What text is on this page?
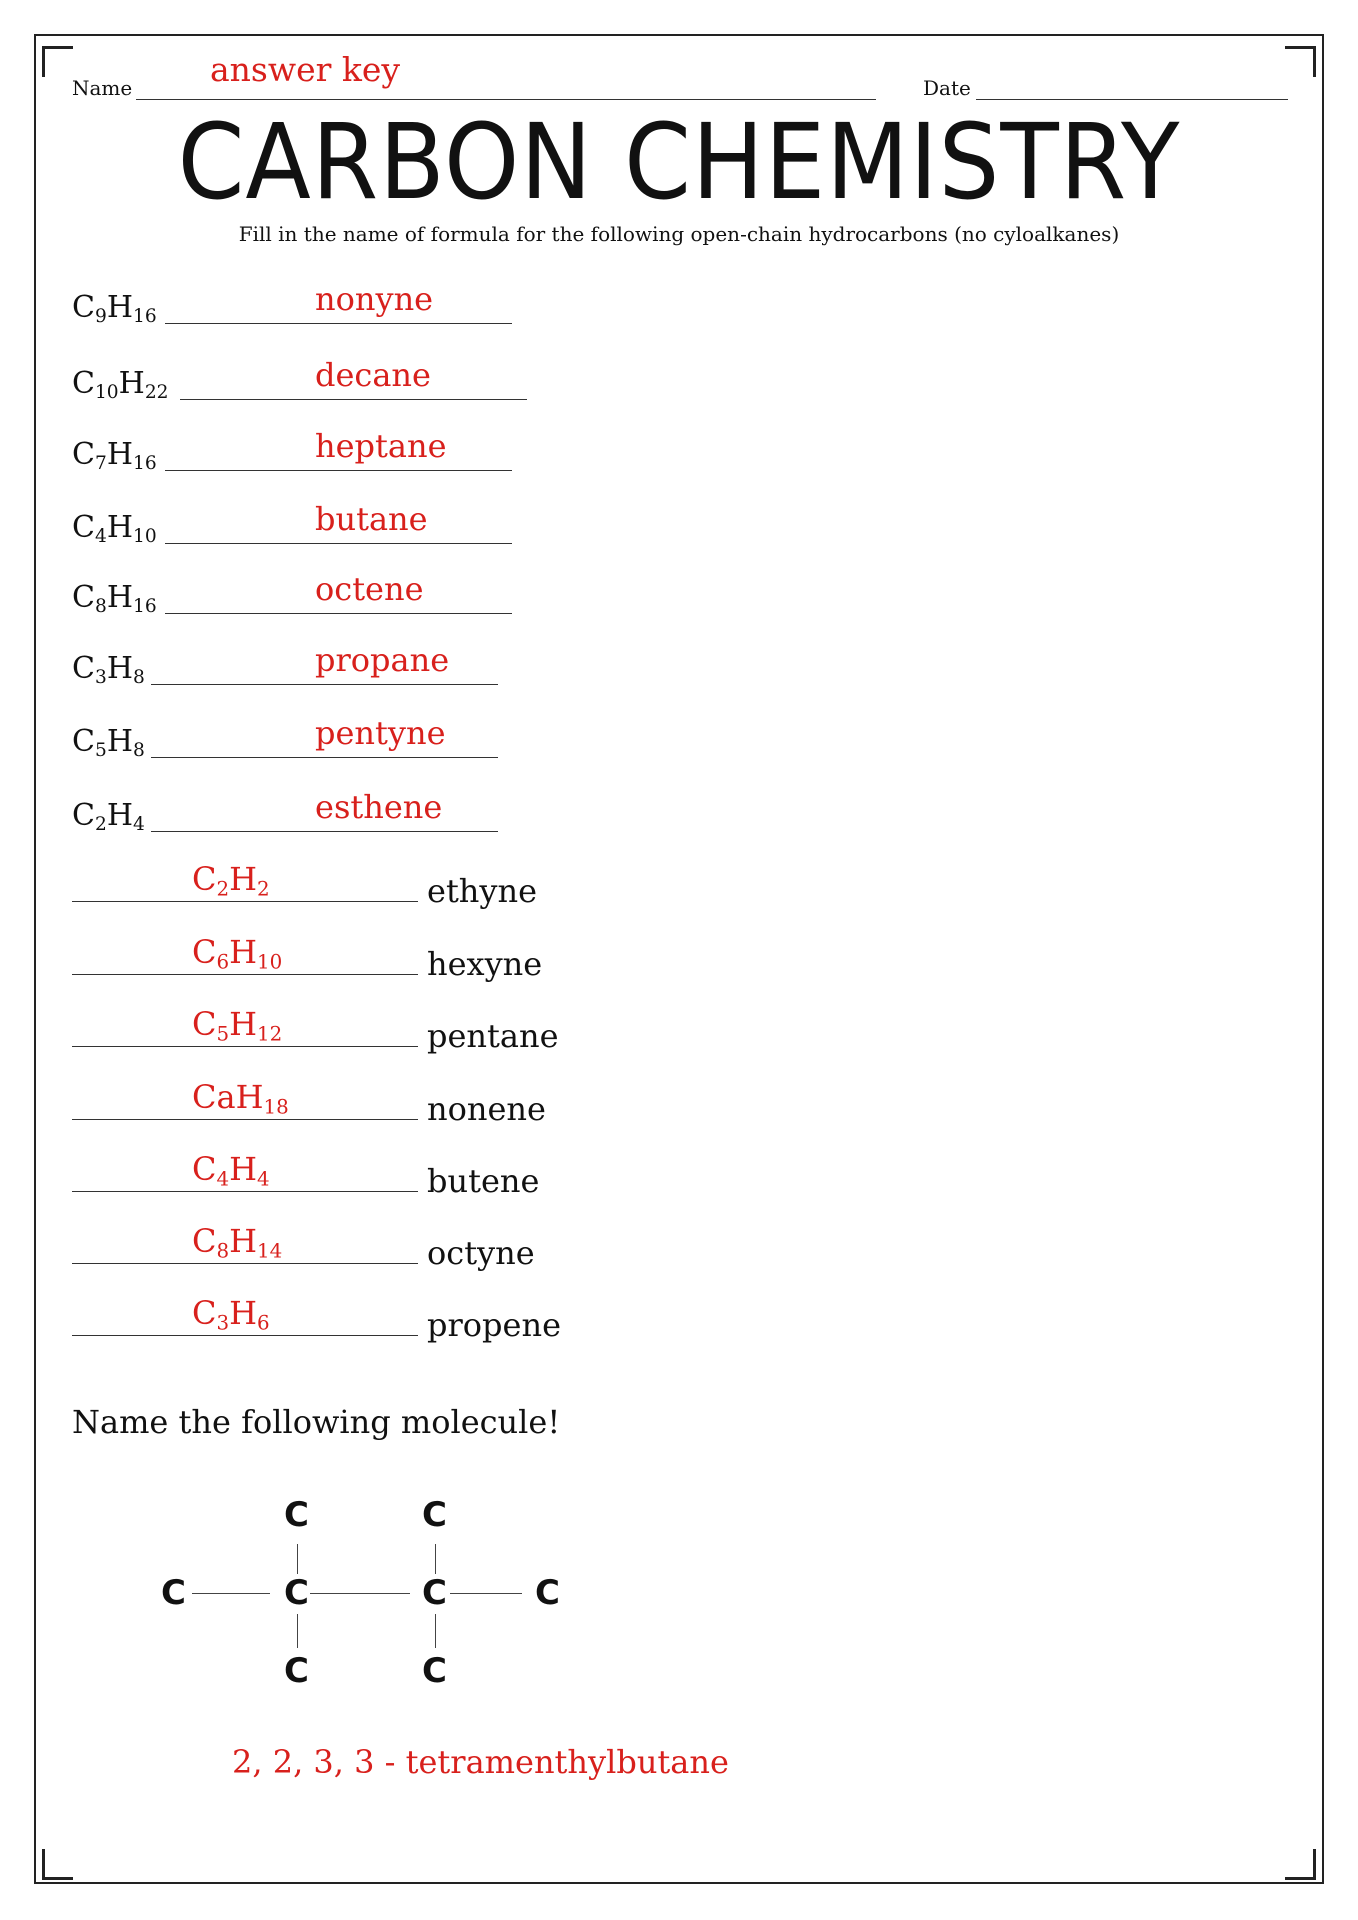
Name answer key	Date
CARBON CHEMISTRY
Fill in the name of formula for the following open-chain hydrocarbons (no cyloalkanes)
$C_9H_{16}$	nonyne
$C_{10}H_{22}$	decane
$C_7H_{16}$	heptane
$C_4H_{10}$	butane
$C_8H_{16}$	octene
$C_3H_8$	propane
$C_5H_8$	pentyne
$C_2H_4$	esthene
$C_2H_2$	ethyne
$C_6H_{10}$	hexyne
$C_5H_{12}$	pentane
CaH$_{18}$	nonene
$C_4H_4$	butene
$C_8H_{14}$	octyne
$C_3H_6$	propene
Name the following molecule!
C	C	C	C
C	C
C	C
2, 2, 3, 3 - tetramenthylbutane
